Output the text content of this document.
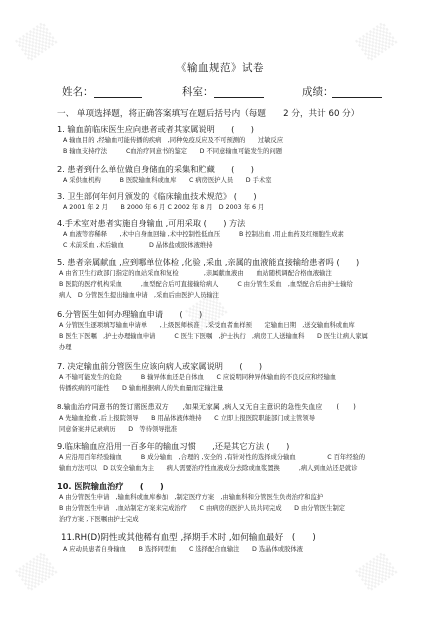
《输血规范》试卷
姓名：	科室：	成绩：
一、 单项选择题，将正确答案填写在题后括号内（每题　　2 分，共计 60 分）
1. 输血前临床医生应向患者或者其家属说明　　(　　)
A 输血目的 ,经输血可能传播的疾病　,同种免疫反应及不可预测的　　过敏反应
B 输血支持疗法　　　C血治疗同意书的鉴定　　D 不同意输血可能发生的问题
2. 患者到什么单位做自身储血的采集和贮藏　　(　　)
A 采供血机构　　　B 医院输血科或血库　　C 病房医护人员　　D 手术室
3. 卫生部何年何月颁发的《临床输血技术规范》 (　　)
A 2001 年 2 月　　B 2000 年 6 月 C 2002 年 8 月　D 2003 年 6 月
4.手术室对患者实施自身输血 ,可用采取 (　　) 方法
A 血液等容稀释　　,术中自身血回输 ,术中控制性低血压　　　B 控制出血 ,用止血药及红细胞生成素
C 术前采血 ,术后输血　　　　D 晶体盐或胶体液维持
5. 患者亲属献血 ,应到哪单位体检 ,化验 ,采血 ,亲属的血液能直接输给患者吗 (　　)
A 由省卫生行政部门指定的血站采血和复检　　　　,亲属献血液由　　血站随机调配合格血液输注
B 医院的医疗机构采血　　　,血型配合后可直接输给病人　　　C 由分管生采血　,血型配合后由护士输给
病人　D 分管医生提出输血申请　,采血后由医护人员输注
6.分管医生如何办理输血申请　　(　　)
A 分管医生逐项填写输血申请单　　,上级医师核准　,采受血者血样预　　定输血日期　,送交输血科或血库
B 医生下医嘱　,护士办理输血申请　　　C 医生下医嘱　,护士执行　,病房工人送输血科　　D 医生让病人家属
办理
7. 决定输血前分管医生应该向病人或家属说明　　(　　)
A 不输可能发生的危险　　　B 输异体血还是自体血　　C 应说明同种异体输血的不良反应和经输血
传播疾病的可能性　　D 输血根据病人的失血量而定输注量
8.输血治疗同意书的签订需医患双方　　,如果无家属 ,病人又无自主意识的急性失血应　　(　　)
A 先输血抢救 ,后上报院领导　　B 用晶体液体维持　　C 立即上报医院职能部门或主管领导
同意备案并记录病历　　D　等待领导批准
9.临床输血应沿用一百多年的输血习惯　　,还是其它方法 (　　)
A 应沿用百年经验输血　　　B 成分输血　,合理的 ,安全的 ,有针对性的选择成分输血　　　　　C 百年经验的
输血方法可以　D 以安全输血为主　　病人需要治疗性血液成分去除或血浆置换　　　,病人到血站还是就诊
10. 医院输血治疗　　(　　)
A 由分管医生申请　,输血科或血库参加　,制定医疗方案　,由输血科和分管医生负责治疗和监护
B 由分管医生申请　,血站制定方案来完成治疗　　C 由病房的医护人员共同完成　　D 由分管医生制定
治疗方案 ,下医嘱由护士完成
11.RH(D)阴性或其他稀有血型 ,择期手术时 ,如何输血最好　(　　)
A 应动员患者自身输血　　B 选择同型血　　C 选择配合血输注　　D 选晶体或胶体液
▒▒	▒▒
▒▒
▒▒	▒▒
